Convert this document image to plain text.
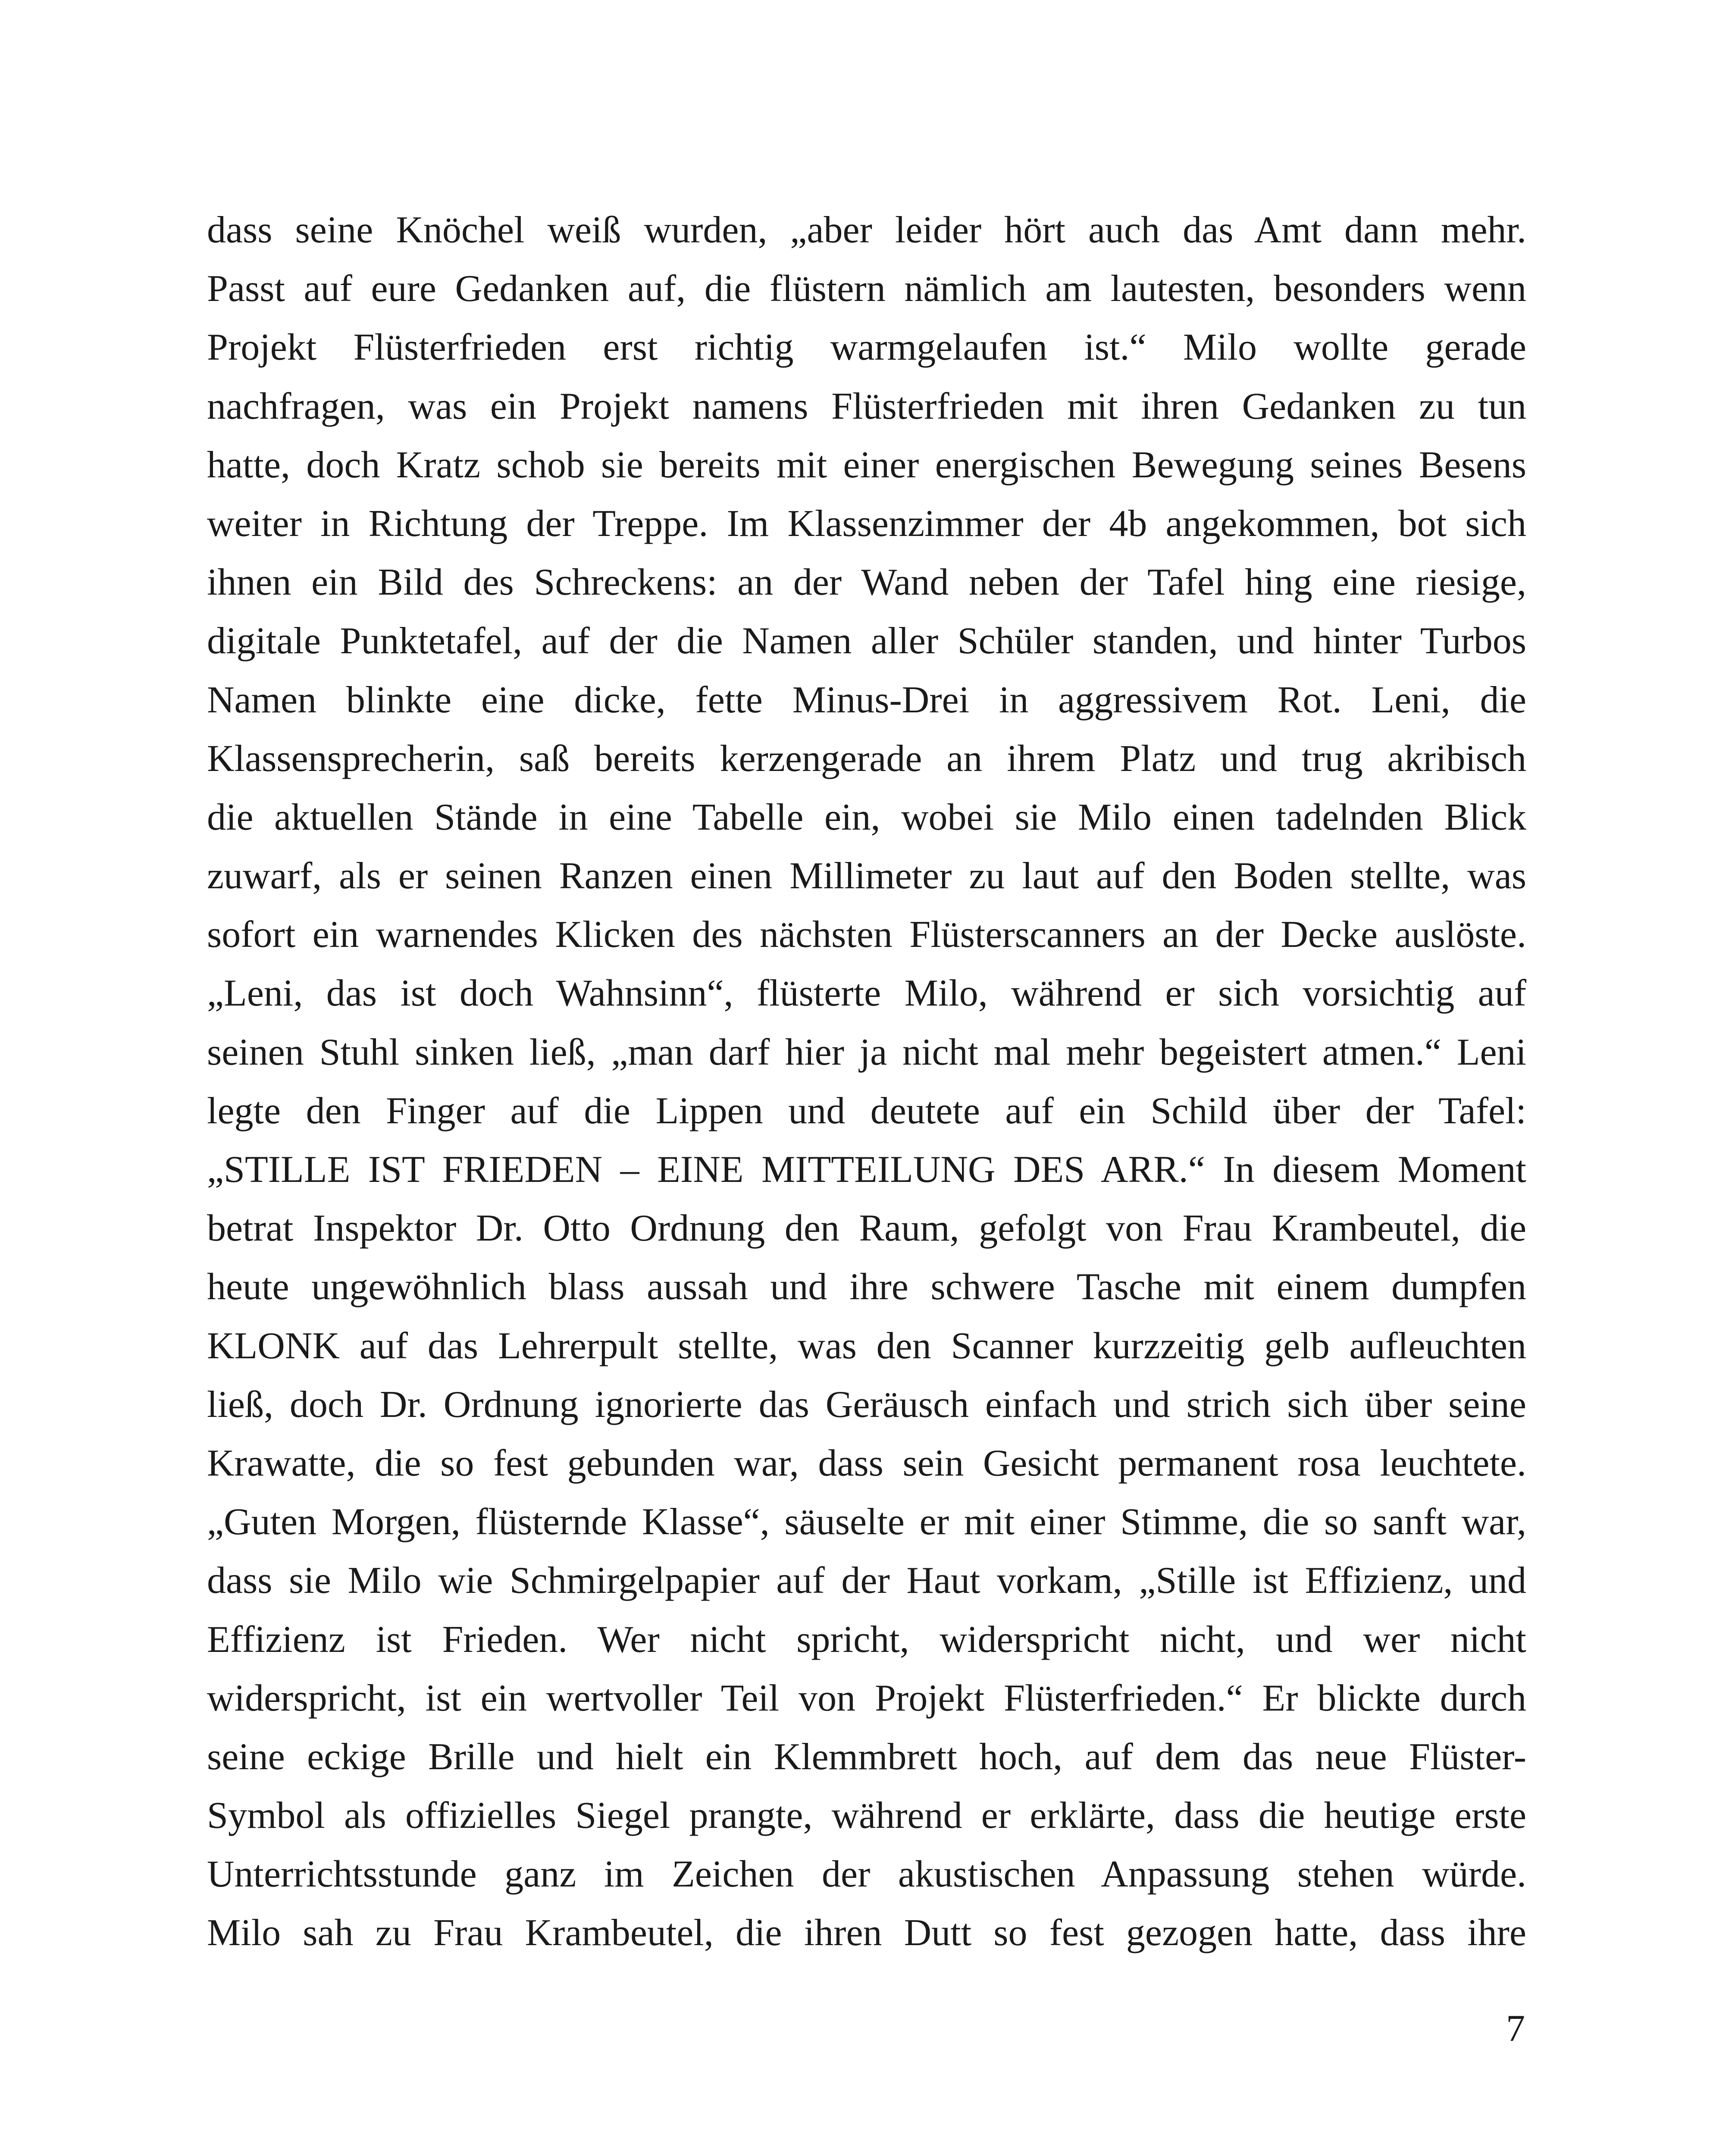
dass seine Knöchel weiß wurden, „aber leider hört auch das Amt dann mehr.
Passt auf eure Gedanken auf, die flüstern nämlich am lautesten, besonders wenn
Projekt Flüsterfrieden erst richtig warmgelaufen ist.“ Milo wollte gerade
nachfragen, was ein Projekt namens Flüsterfrieden mit ihren Gedanken zu tun
hatte, doch Kratz schob sie bereits mit einer energischen Bewegung seines Besens
weiter in Richtung der Treppe. Im Klassenzimmer der 4b angekommen, bot sich
ihnen ein Bild des Schreckens: an der Wand neben der Tafel hing eine riesige,
digitale Punktetafel, auf der die Namen aller Schüler standen, und hinter Turbos
Namen blinkte eine dicke, fette Minus-Drei in aggressivem Rot. Leni, die
Klassensprecherin, saß bereits kerzengerade an ihrem Platz und trug akribisch
die aktuellen Stände in eine Tabelle ein, wobei sie Milo einen tadelnden Blick
zuwarf, als er seinen Ranzen einen Millimeter zu laut auf den Boden stellte, was
sofort ein warnendes Klicken des nächsten Flüsterscanners an der Decke auslöste.
„Leni, das ist doch Wahnsinn“, flüsterte Milo, während er sich vorsichtig auf
seinen Stuhl sinken ließ, „man darf hier ja nicht mal mehr begeistert atmen.“ Leni
legte den Finger auf die Lippen und deutete auf ein Schild über der Tafel:
„STILLE IST FRIEDEN – EINE MITTEILUNG DES ARR.“ In diesem Moment
betrat Inspektor Dr. Otto Ordnung den Raum, gefolgt von Frau Krambeutel, die
heute ungewöhnlich blass aussah und ihre schwere Tasche mit einem dumpfen
KLONK auf das Lehrerpult stellte, was den Scanner kurzzeitig gelb aufleuchten
ließ, doch Dr. Ordnung ignorierte das Geräusch einfach und strich sich über seine
Krawatte, die so fest gebunden war, dass sein Gesicht permanent rosa leuchtete.
„Guten Morgen, flüsternde Klasse“, säuselte er mit einer Stimme, die so sanft war,
dass sie Milo wie Schmirgelpapier auf der Haut vorkam, „Stille ist Effizienz, und
Effizienz ist Frieden. Wer nicht spricht, widerspricht nicht, und wer nicht
widerspricht, ist ein wertvoller Teil von Projekt Flüsterfrieden.“ Er blickte durch
seine eckige Brille und hielt ein Klemmbrett hoch, auf dem das neue Flüster-
Symbol als offizielles Siegel prangte, während er erklärte, dass die heutige erste
Unterrichtsstunde ganz im Zeichen der akustischen Anpassung stehen würde.
Milo sah zu Frau Krambeutel, die ihren Dutt so fest gezogen hatte, dass ihre

7
